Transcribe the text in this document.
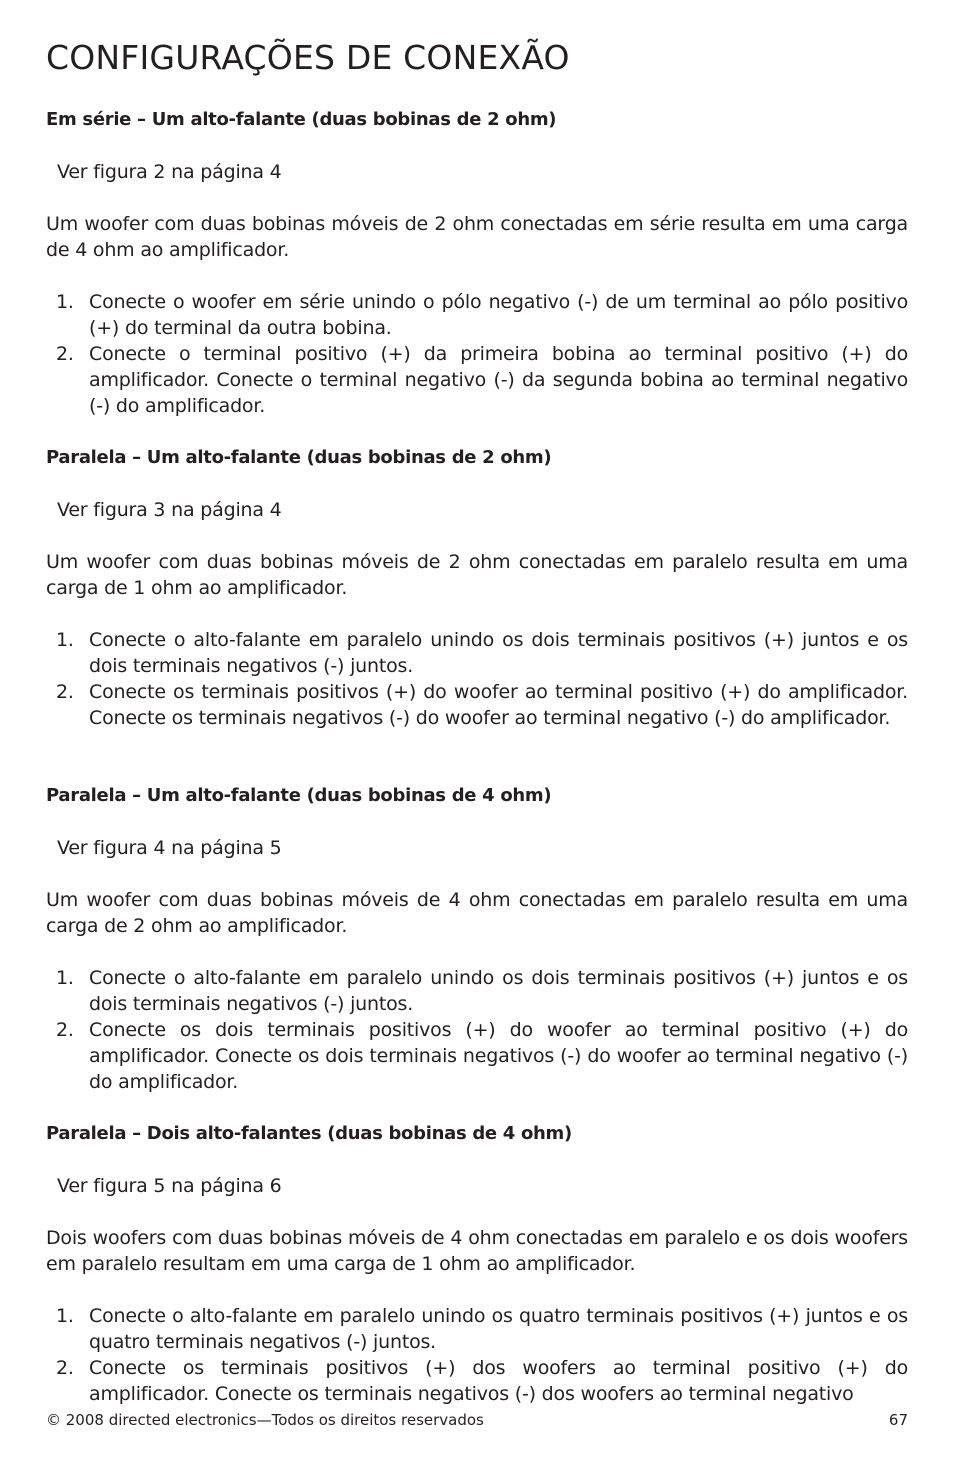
CONFIGURAÇÕES DE CONEXÃO

Em série – Um alto-falante (duas bobinas de 2 ohm)

Ver figura 2 na página 4

Um woofer com duas bobinas móveis de 2 ohm conectadas em série resulta em uma carga de 4 ohm ao amplificador.

1. Conecte o woofer em série unindo o pólo negativo (-) de um terminal ao pólo positivo (+) do terminal da outra bobina.
2. Conecte o terminal positivo (+) da primeira bobina ao terminal positivo (+) do amplificador. Conecte o terminal negativo (-) da segunda bobina ao terminal negativo (-) do amplificador.

Paralela – Um alto-falante (duas bobinas de 2 ohm)

Ver figura 3 na página 4

Um woofer com duas bobinas móveis de 2 ohm conectadas em paralelo resulta em uma carga de 1 ohm ao amplificador.

1. Conecte o alto-falante em paralelo unindo os dois terminais positivos (+) juntos e os dois terminais negativos (-) juntos.
2. Conecte os terminais positivos (+) do woofer ao terminal positivo (+) do amplificador. Conecte os terminais negativos (-) do woofer ao terminal negativo (-) do amplificador.

Paralela – Um alto-falante (duas bobinas de 4 ohm)

Ver figura 4 na página 5

Um woofer com duas bobinas móveis de 4 ohm conectadas em paralelo resulta em uma carga de 2 ohm ao amplificador.

1. Conecte o alto-falante em paralelo unindo os dois terminais positivos (+) juntos e os dois terminais negativos (-) juntos.
2. Conecte os dois terminais positivos (+) do woofer ao terminal positivo (+) do amplificador. Conecte os dois terminais negativos (-) do woofer ao terminal negativo (-) do amplificador.

Paralela – Dois alto-falantes (duas bobinas de 4 ohm)

Ver figura 5 na página 6

Dois woofers com duas bobinas móveis de 4 ohm conectadas em paralelo e os dois woofers em paralelo resultam em uma carga de 1 ohm ao amplificador.

1. Conecte o alto-falante em paralelo unindo os quatro terminais positivos (+) juntos e os quatro terminais negativos (-) juntos.
2. Conecte os terminais positivos (+) dos woofers ao terminal positivo (+) do amplificador. Conecte os terminais negativos (-) dos woofers ao terminal negativo
© 2008 directed electronics—Todos os direitos reservados	67
